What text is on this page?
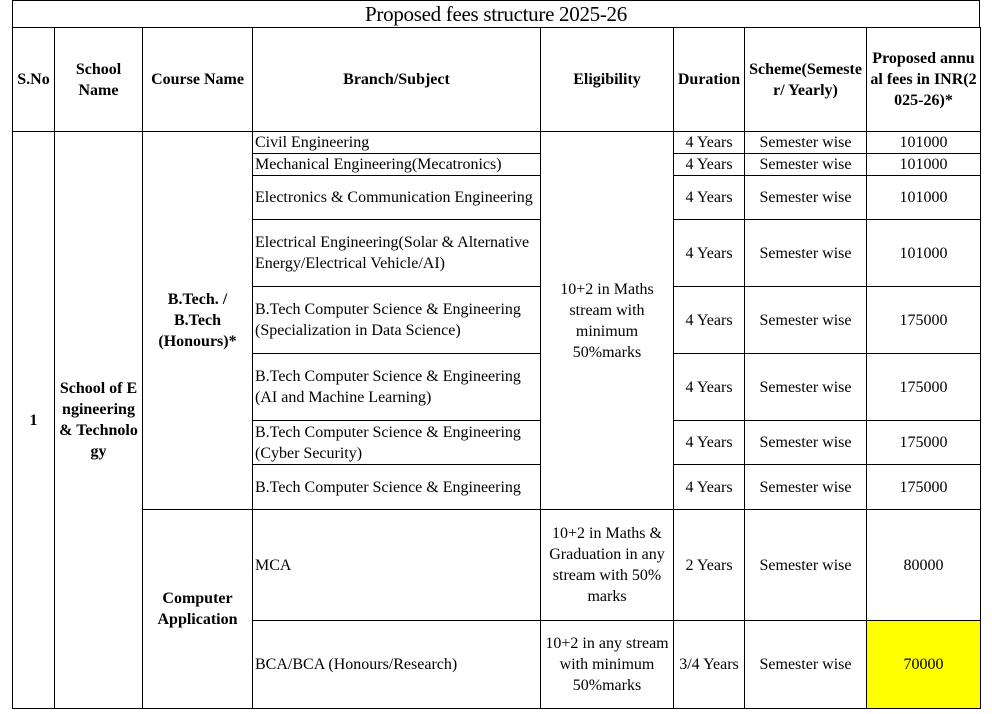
Proposed fees structure 2025-26
S.No	School Name	Course Name	Branch/Subject	Eligibility	Duration	Scheme(Semester/ Yearly)	Proposed annual fees in INR(2025-26)*
1	School of Engineering & Technology	B.Tech. / B.Tech (Honours)*	Civil Engineering	10+2 in Maths stream with minimum 50%marks	4 Years	Semester wise	101000
			Mechanical Engineering(Mecatronics)		4 Years	Semester wise	101000
			Electronics & Communication Engineering		4 Years	Semester wise	101000
			Electrical Engineering(Solar & Alternative Energy/Electrical Vehicle/AI)		4 Years	Semester wise	101000
			B.Tech Computer Science & Engineering (Specialization in Data Science)		4 Years	Semester wise	175000
			B.Tech Computer Science & Engineering (AI and Machine Learning)		4 Years	Semester wise	175000
			B.Tech Computer Science & Engineering (Cyber Security)		4 Years	Semester wise	175000
			B.Tech Computer Science & Engineering		4 Years	Semester wise	175000
		Computer Application	MCA	10+2 in Maths & Graduation in any stream with 50% marks	2 Years	Semester wise	80000
			BCA/BCA (Honours/Research)	10+2 in any stream with minimum 50%marks	3/4 Years	Semester wise	70000
